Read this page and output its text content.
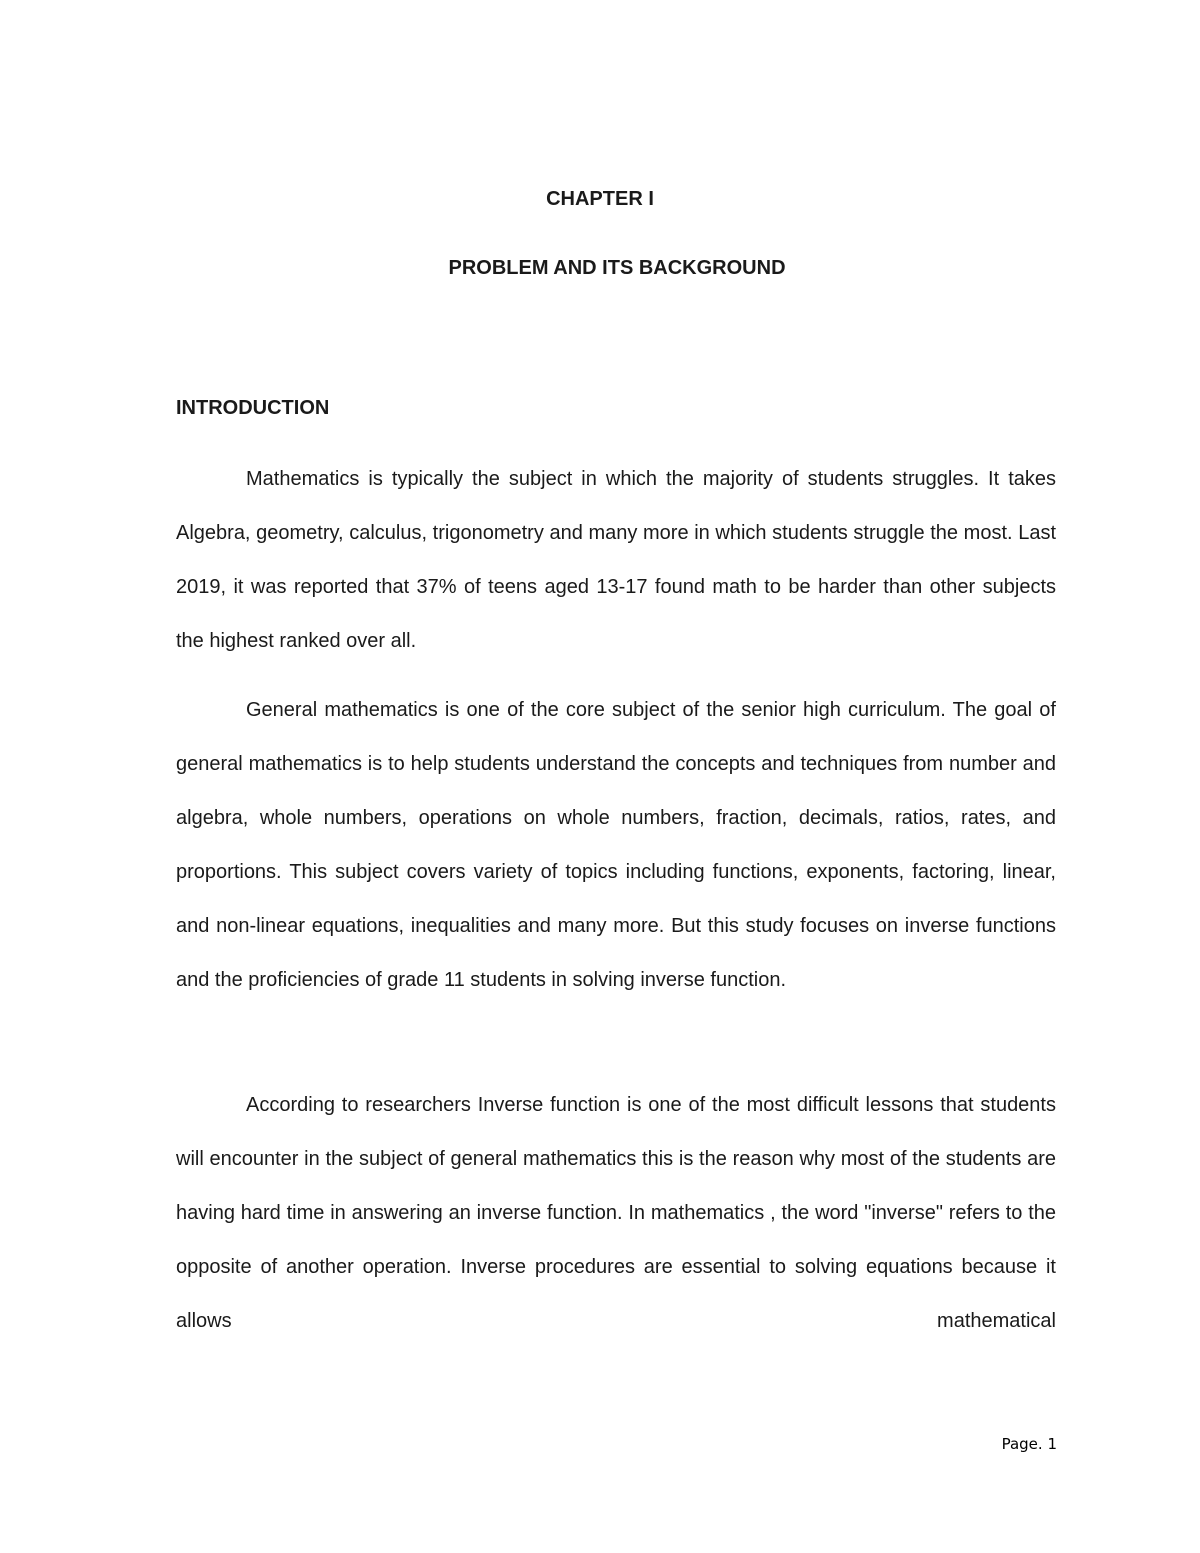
CHAPTER I
PROBLEM AND ITS BACKGROUND
INTRODUCTION

Mathematics is typically the subject in which the majority of students struggles. It takes Algebra, geometry, calculus, trigonometry and many more in which students struggle the most. Last 2019, it was reported that 37% of teens aged 13-17 found math to be harder than other subjects the highest ranked over all.

General mathematics is one of the core subject of the senior high curriculum. The goal of general mathematics is to help students understand the concepts and techniques from number and algebra, whole numbers, operations on whole numbers, fraction, decimals, ratios, rates, and proportions. This subject covers variety of topics including functions, exponents, factoring, linear, and non-linear equations, inequalities and many more. But this study focuses on inverse functions and the proficiencies of grade 11 students in solving inverse function.

According to researchers Inverse function is one of the most difficult lessons that students will encounter in the subject of general mathematics this is the reason why most of the students are having hard time in answering an inverse function. In mathematics , the word "inverse" refers to the opposite of another operation. Inverse procedures are essential to solving equations because it allows mathematical

Page. 1
